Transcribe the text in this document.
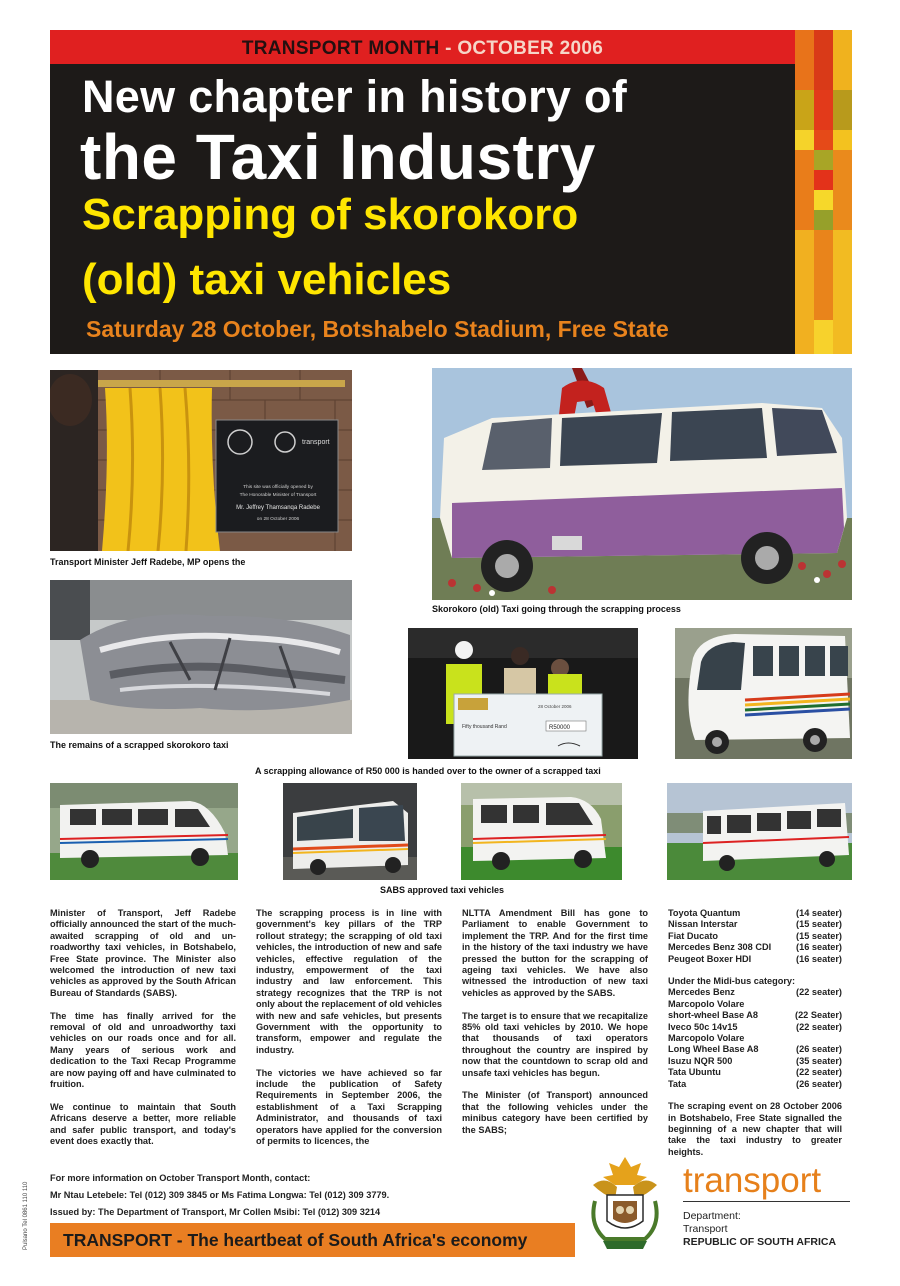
TRANSPORT MONTH - OCTOBER 2006
New chapter in history of
the Taxi Industry
Scrapping of skorokoro
(old) taxi vehicles
Saturday 28 October, Botshabelo Stadium, Free State
transport
This site was officially opened by
The Honorable Minister of Transport
Mr. Jeffrey Thamsanqa Radebe
on 28 October 2006
Transport Minister Jeff Radebe, MP opens the
Skorokoro (old) Taxi going through the scrapping process
The remains of a scrapped skorokoro taxi
28 October 2006
Fifty thousand Rand	R50000
A scrapping allowance of R50 000 is handed over to the owner of a scrapped taxi
SABS approved taxi vehicles

Minister of Transport, Jeff Radebe officially announced the start of the much-awaited scrapping of old and un-roadworthy taxi vehicles, in Botshabelo, Free State province. The Minister also welcomed the introduction of new taxi vehicles as approved by the South African Bureau of Standards (SABS).

The time has finally arrived for the removal of old and unroadworthy taxi vehicles on our roads once and for all. Many years of serious work and dedication to the Taxi Recap Programme are now paying off and have culminated to fruition.

We continue to maintain that South Africans deserve a better, more reliable and safer public transport, and today's event does exactly that.

The scrapping process is in line with government's key pillars of the TRP rollout strategy; the scrapping of old taxi vehicles, the introduction of new and safe vehicles, effective regulation of the industry, empowerment of the taxi industry and law enforcement. This strategy recognizes that the TRP is not only about the replacement of old vehicles with new and safe vehicles, but presents Government with the opportunity to transform, empower and regulate the industry.

The victories we have achieved so far include the publication of Safety Requirements in September 2006, the establishment of a Taxi Scrapping Administrator, and thousands of taxi operators have applied for the conversion of permits to licences, the

NLTTA Amendment Bill has gone to Parliament to enable Government to implement the TRP. And for the first time in the history of the taxi industry we have pressed the button for the scrapping of ageing taxi vehicles. We have also witnessed the introduction of new taxi vehicles as approved by the SABS.

The target is to ensure that we recapitalize 85% old taxi vehicles by 2010. We hope that thousands of taxi operators throughout the country are inspired by now that the countdown to scrap old and unsafe taxi vehicles has begun.

The Minister (of Transport) announced that the following vehicles under the minibus category have been certified by the SABS;

Toyota Quantum	(14 seater)
Nissan Interstar	(15 seater)
Fiat Ducato	(15 seater)
Mercedes Benz 308 CDI	(16 seater)
Peugeot Boxer HDI	(16 seater)
Under the Midi-bus category:
Mercedes Benz	(22 seater)
Marcopolo Volare
short-wheel Base A8	(22 Seater)
Iveco 50c 14v15	(22 seater)
Marcopolo Volare
Long Wheel Base A8	(26 seater)
Isuzu NQR 500	(35 seater)
Tata Ubuntu	(22 seater)
Tata	(26 seater)

The scraping event on 28 October 2006 in Botshabelo, Free State signalled the beginning of a new chapter that will take the taxi industry to greater heights.

For more information on October Transport Month, contact:
Mr Ntau Letebele: Tel (012) 309 3845 or Ms Fatima Longwa: Tel (012) 309 3779.
Issued by: The Department of Transport, Mr Collen Msibi: Tel (012) 309 3214
TRANSPORT - The heartbeat of South Africa's economy
Pulsano Tel 0861 110 110
transport
Department:
Transport
REPUBLIC OF SOUTH AFRICA
